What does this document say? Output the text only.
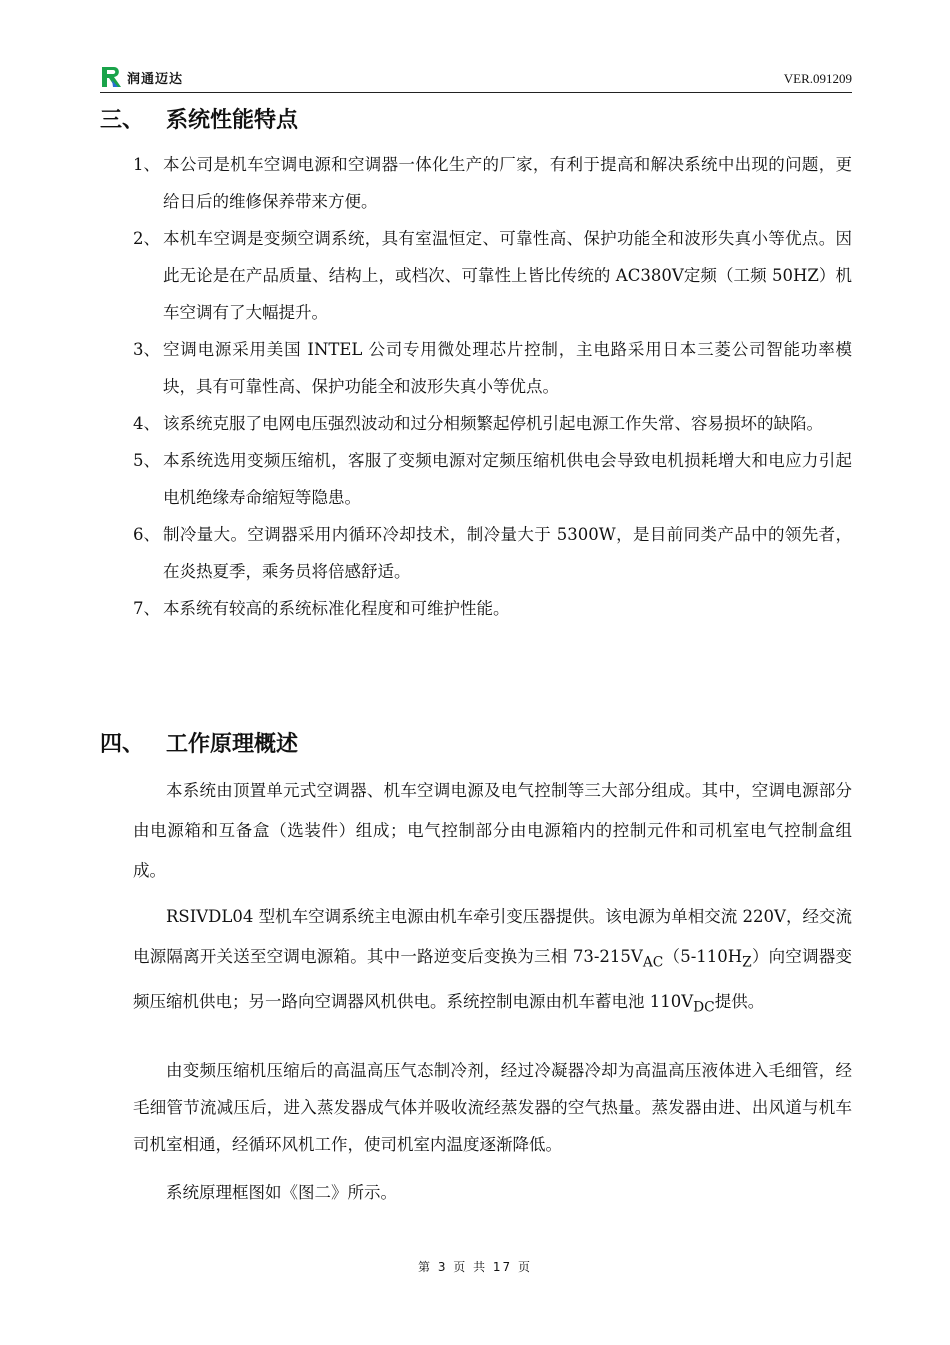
润通迈达	VER.091209
三、 系统性能特点
1、 本公司是机车空调电源和空调器一体化生产的厂家，有利于提高和解决系统中出现的问题，更给日后的维修保养带来方便。
2、 本机车空调是变频空调系统，具有室温恒定、可靠性高、保护功能全和波形失真小等优点。因此无论是在产品质量、结构上，或档次、可靠性上皆比传统的 AC380V定频（工频 50HZ）机车空调有了大幅提升。
3、 空调电源采用美国 INTEL 公司专用微处理芯片控制，主电路采用日本三菱公司智能功率模块，具有可靠性高、保护功能全和波形失真小等优点。
4、 该系统克服了电网电压强烈波动和过分相频繁起停机引起电源工作失常、容易损坏的缺陷。
5、 本系统选用变频压缩机，客服了变频电源对定频压缩机供电会导致电机损耗增大和电应力引起电机绝缘寿命缩短等隐患。
6、 制冷量大。空调器采用内循环冷却技术，制冷量大于 5300W，是目前同类产品中的领先者，在炎热夏季，乘务员将倍感舒适。
7、 本系统有较高的系统标准化程度和可维护性能。
四、 工作原理概述

本系统由顶置单元式空调器、机车空调电源及电气控制等三大部分组成。其中，空调电源部分由电源箱和互备盒（选装件）组成；电气控制部分由电源箱内的控制元件和司机室电气控制盒组成。

RSIVDL04 型机车空调系统主电源由机车牵引变压器提供。该电源为单相交流 220V，经交流电源隔离开关送至空调电源箱。其中一路逆变后变换为三相 $73-215V_{AC}(5-110H_Z)$向空调器变频压缩机供电；另一路向空调器风机供电。系统控制电源由机车蓄电池 $110V_{DC}$提供。

由变频压缩机压缩后的高温高压气态制冷剂，经过冷凝器冷却为高温高压液体进入毛细管，经毛细管节流减压后，进入蒸发器成气体并吸收流经蒸发器的空气热量。蒸发器由进、出风道与机车司机室相通，经循环风机工作，使司机室内温度逐渐降低。

系统原理框图如《图二》所示。

第 3 页 共 17 页
